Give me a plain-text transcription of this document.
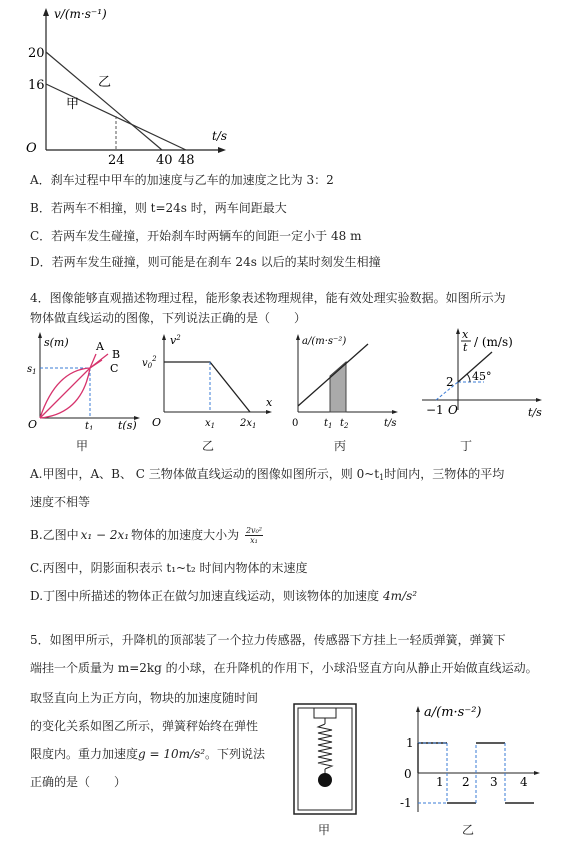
v/(m·s⁻¹)
t/s
O
20
16
24 40 48
乙
甲
A．刹车过程中甲车的加速度与乙车的加速度之比为 3：2
B．若两车不相撞，则 t=24s 时，两车间距最大
C．若两车发生碰撞，开始刹车时两辆车的间距一定小于 48 m
D．若两车发生碰撞，则可能是在刹车 24s 以后的某时刻发生相撞
4．图像能够直观描述物理过程，能形象表述物理规律，能有效处理实验数据。如图所示为
物体做直线运动的图像，下列说法正确的是（　　）
s(m)
t(s)
O
$s_1$
$t_1$
A
B
C
甲
$v^2$
$v_0^2$
x
O	$x_1$ $2x_1$
乙
a/(m·s⁻²)
t/s
0	$t_1$ $t_2$
丙
x
t / (m/s)
t/s
O
−1
2 45°
丁
A.甲图中，A、B、 C 三物体做直线运动的图像如图所示，则 $0\sim t_1$时间内，三物体的平均
速度不相等
B.乙图中 x₁ − 2x₁ 物体的加速度大小为 $\frac{\text{2v₀²}}{\text{x₁}}$
C.丙图中，阴影面积表示 t₁~t₂ 时间内物体的末速度
D.丁图中所描述的物体正在做匀加速直线运动，则该物体的加速度 4m/s²
5．如图甲所示，升降机的顶部装了一个拉力传感器，传感器下方挂上一轻质弹簧，弹簧下
端挂一个质量为 m=2kg 的小球，在升降机的作用下，小球沿竖直方向从静止开始做直线运动。
取竖直向上为正方向，物块的加速度随时间
的变化关系如图乙所示，弹簧秤始终在弹性
限度内。重力加速度g = 10m/s²。下列说法
正确的是（　　）
甲
a/(m·s⁻²)
0
1
-1
1 2 3 4
乙
